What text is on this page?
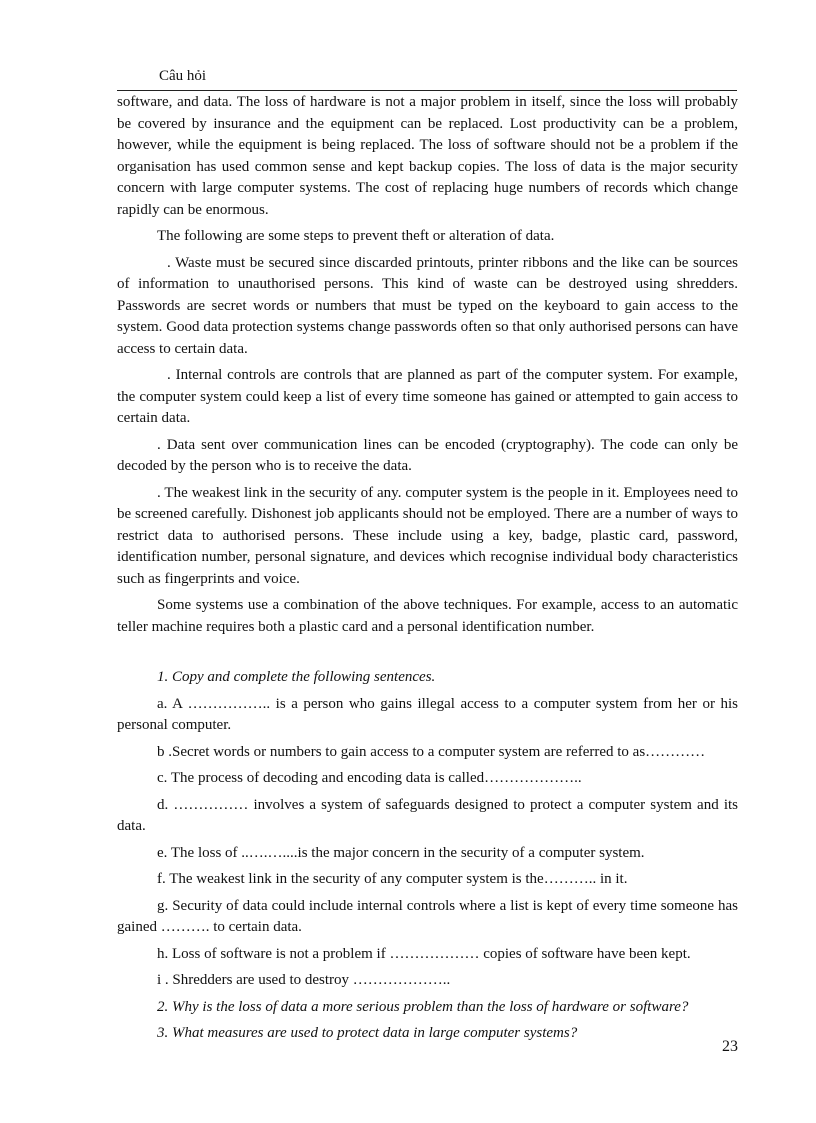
Câu hỏi

software, and data. The loss of hardware is not a major problem in itself, since the loss will probably be covered by insurance and the equipment can be replaced. Lost productivity can be a problem, however, while the equipment is being replaced. The loss of software should not be a problem if the organisation has used common sense and kept backup copies. The loss of data is the major security concern with large computer systems. The cost of replacing huge numbers of records which change rapidly can be enormous.

The following are some steps to prevent theft or alteration of data.

. Waste must be secured since discarded printouts, printer ribbons and the like can be sources of information to unauthorised persons. This kind of waste can be destroyed using shredders. Passwords are secret words or numbers that must be typed on the keyboard to gain access to the system. Good data protection systems change passwords often so that only authorised persons can have access to certain data.

. Internal controls are controls that are planned as part of the computer system. For example, the computer system could keep a list of every time someone has gained or attempted to gain access to certain data.

. Data sent over communication lines can be encoded (cryptography). The code can only be decoded by the person who is to receive the data.

. The weakest link in the security of any. computer system is the people in it. Employees need to be screened carefully. Dishonest job applicants should not be employed. There are a number of ways to restrict data to authorised persons. These include using a key, badge, plastic card, password, identification number, personal signature, and devices which recognise individual body characteristics such as fingerprints and voice.

Some systems use a combination of the above techniques. For example, access to an automatic teller machine requires both a plastic card and a personal identification number.

1. Copy and complete the following sentences.

a. A …………….. is a person who gains illegal access to a computer system from her or his personal computer.

b .Secret words or numbers to gain access to a computer system are referred to as…………

c. The process of decoding and encoding data is called………………..

d. …………… involves a system of safeguards designed to protect a computer system and its data.

e. The loss of ..….…....is the major concern in the security of a computer system.

f. The weakest link in the security of any computer system is the……….. in it.

g. Security of data could include internal controls where a list is kept of every time someone has gained ………. to certain data.

h. Loss of software is not a problem if ……………… copies of software have been kept.

i . Shredders are used to destroy ………………..

2. Why is the loss of data a more serious problem than the loss of hardware or software?

3. What measures are used to protect data in large computer systems?

23
